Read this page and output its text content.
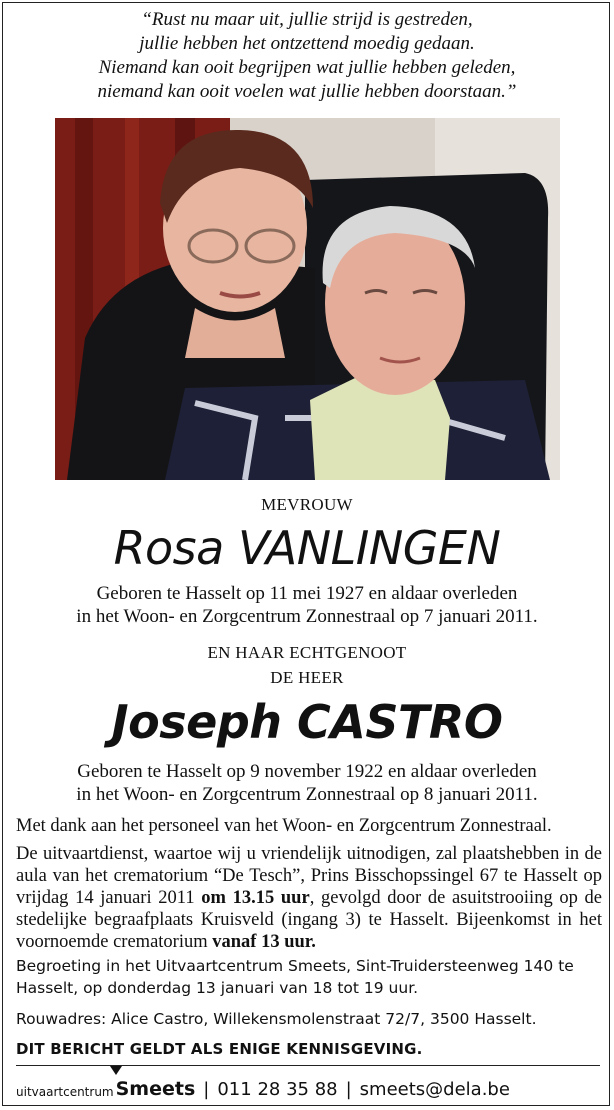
“Rust nu maar uit, jullie strijd is gestreden,
jullie hebben het ontzettend moedig gedaan.
Niemand kan ooit begrijpen wat jullie hebben geleden,
niemand kan ooit voelen wat jullie hebben doorstaan.”
MEVROUW
Rosa VANLINGEN
Geboren te Hasselt op 11 mei 1927 en aldaar overleden
in het Woon- en Zorgcentrum Zonnestraal op 7 januari 2011.
EN HAAR ECHTGENOOT
DE HEER
Joseph CASTRO
Geboren te Hasselt op 9 november 1922 en aldaar overleden
in het Woon- en Zorgcentrum Zonnestraal op 8 januari 2011.
Met dank aan het personeel van het Woon- en Zorgcentrum Zonnestraal.
De uitvaartdienst, waartoe wij u vriendelijk uitnodigen, zal plaatshebben in de aula van het crematorium “De Tesch”, Prins Bisschopssingel 67 te Hasselt op vrijdag 14 januari 2011 om 13.15 uur, gevolgd door de asuitstrooiing op de stedelijke begraafplaats Kruisveld (ingang 3) te Hasselt. Bijeenkomst in het voornoemde crematorium vanaf 13 uur.
Begroeting in het Uitvaartcentrum Smeets, Sint-Truidersteenweg 140 te Hasselt, op donderdag 13 januari van 18 tot 19 uur.
Rouwadres: Alice Castro, Willekensmolenstraat 72/7, 3500 Hasselt.
DIT BERICHT GELDT ALS ENIGE KENNISGEVING.
uitvaartcentrum Smeets | 011 28 35 88 | smeets@dela.be
